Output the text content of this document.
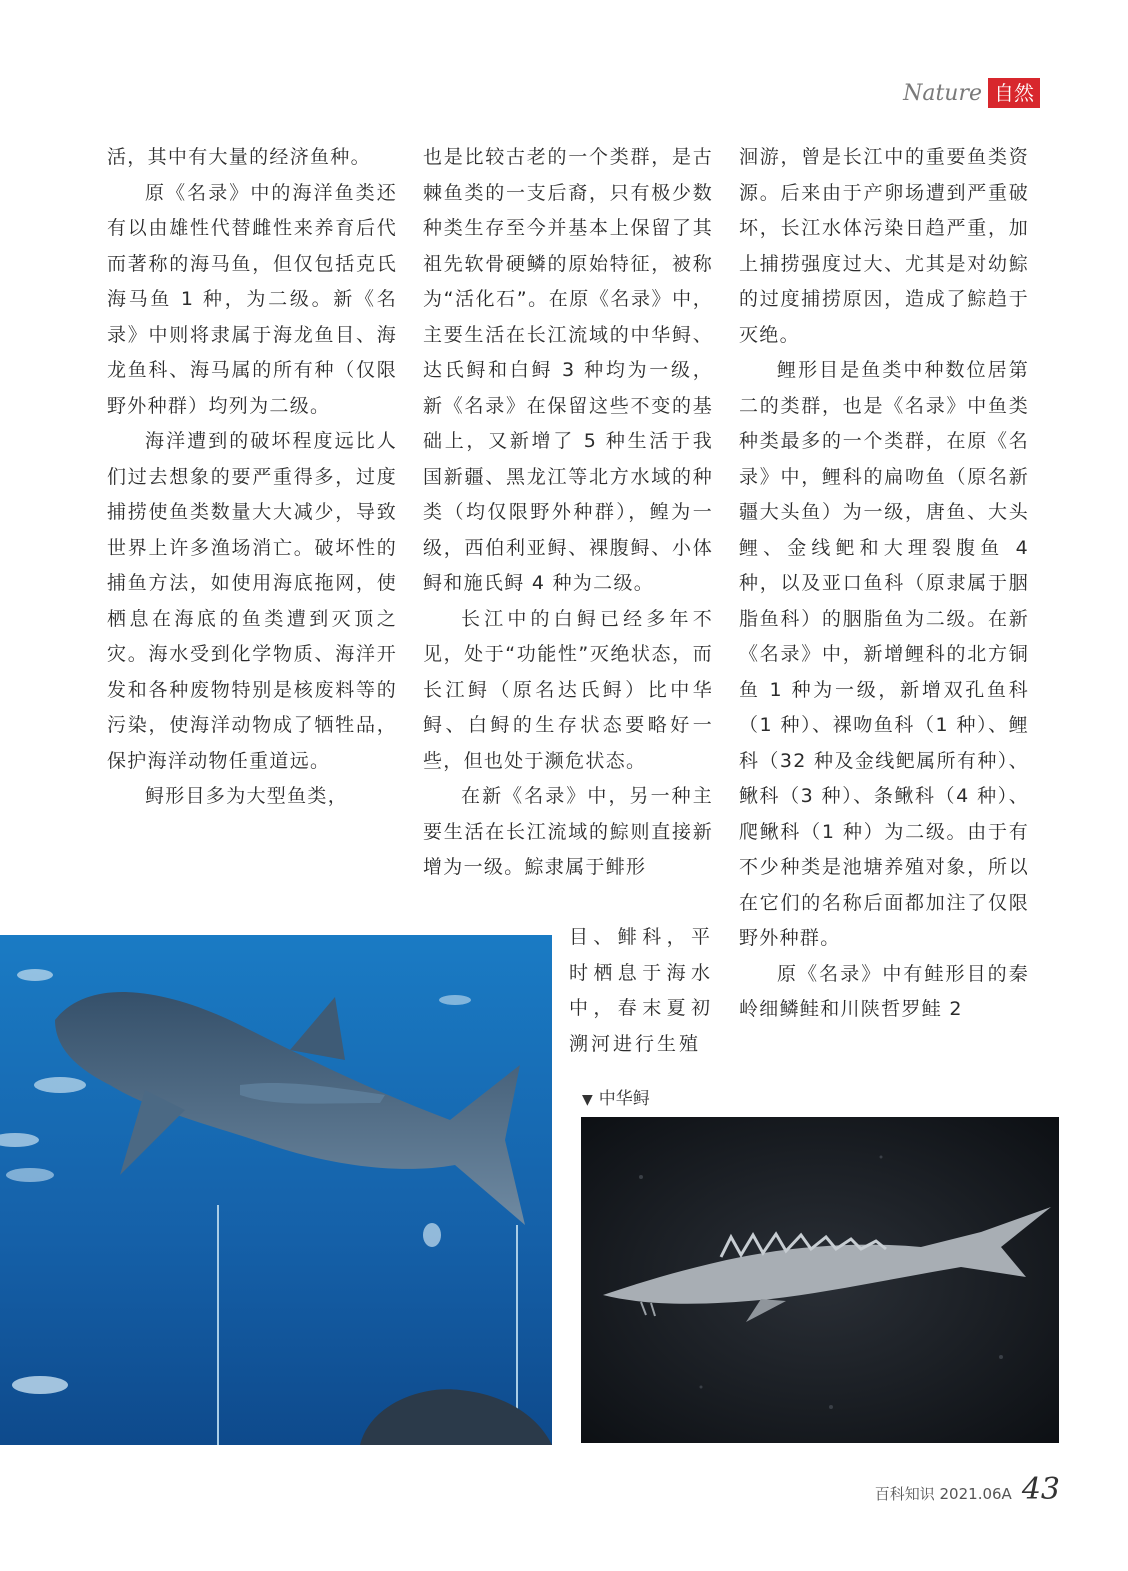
Nature 自然

活，其中有大量的经济鱼种。

原《名录》中的海洋鱼类还有以由雄性代替雌性来养育后代而著称的海马鱼，但仅包括克氏海马鱼 1 种，为二级。新《名录》中则将隶属于海龙鱼目、海龙鱼科、海马属的所有种（仅限野外种群）均列为二级。

海洋遭到的破坏程度远比人们过去想象的要严重得多，过度捕捞使鱼类数量大大减少，导致世界上许多渔场消亡。破坏性的捕鱼方法，如使用海底拖网，使栖息在海底的鱼类遭到灭顶之灾。海水受到化学物质、海洋开发和各种废物特别是核废料等的污染，使海洋动物成了牺牲品，保护海洋动物任重道远。

鲟形目多为大型鱼类，

也是比较古老的一个类群，是古棘鱼类的一支后裔，只有极少数种类生存至今并基本上保留了其祖先软骨硬鳞的原始特征，被称为“活化石”。在原《名录》中，主要生活在长江流域的中华鲟、达氏鲟和白鲟 3 种均为一级，新《名录》在保留这些不变的基础上，又新增了 5 种生活于我国新疆、黑龙江等北方水域的种类（均仅限野外种群），鳇为一级，西伯利亚鲟、裸腹鲟、小体鲟和施氏鲟 4 种为二级。

长江中的白鲟已经多年不见，处于“功能性”灭绝状态，而长江鲟（原名达氏鲟）比中华鲟、白鲟的生存状态要略好一些，但也处于濒危状态。

在新《名录》中，另一种主要生活在长江流域的鯮则直接新增为一级。鯮隶属于鲱形

目、鲱科，平时栖息于海水中，春末夏初溯河进行生殖

洄游，曾是长江中的重要鱼类资源。后来由于产卵场遭到严重破坏，长江水体污染日趋严重，加上捕捞强度过大、尤其是对幼鯮的过度捕捞原因，造成了鯮趋于灭绝。

鲤形目是鱼类中种数位居第二的类群，也是《名录》中鱼类种类最多的一个类群，在原《名录》中，鲤科的扁吻鱼（原名新疆大头鱼）为一级，唐鱼、大头鲤、金线鲃和大理裂腹鱼 4 种，以及亚口鱼科（原隶属于胭脂鱼科）的胭脂鱼为二级。在新《名录》中，新增鲤科的北方铜鱼 1 种为一级，新增双孔鱼科（1 种）、裸吻鱼科（1 种）、鲤科（32 种及金线鲃属所有种）、鳅科（3 种）、条鳅科（4 种）、爬鳅科（1 种）为二级。由于有不少种类是池塘养殖对象，所以在它们的名称后面都加注了仅限野外种群。

原《名录》中有鲑形目的秦岭细鳞鲑和川陕哲罗鲑 2

▼ 中华鲟
百科知识 2021.06A 43
